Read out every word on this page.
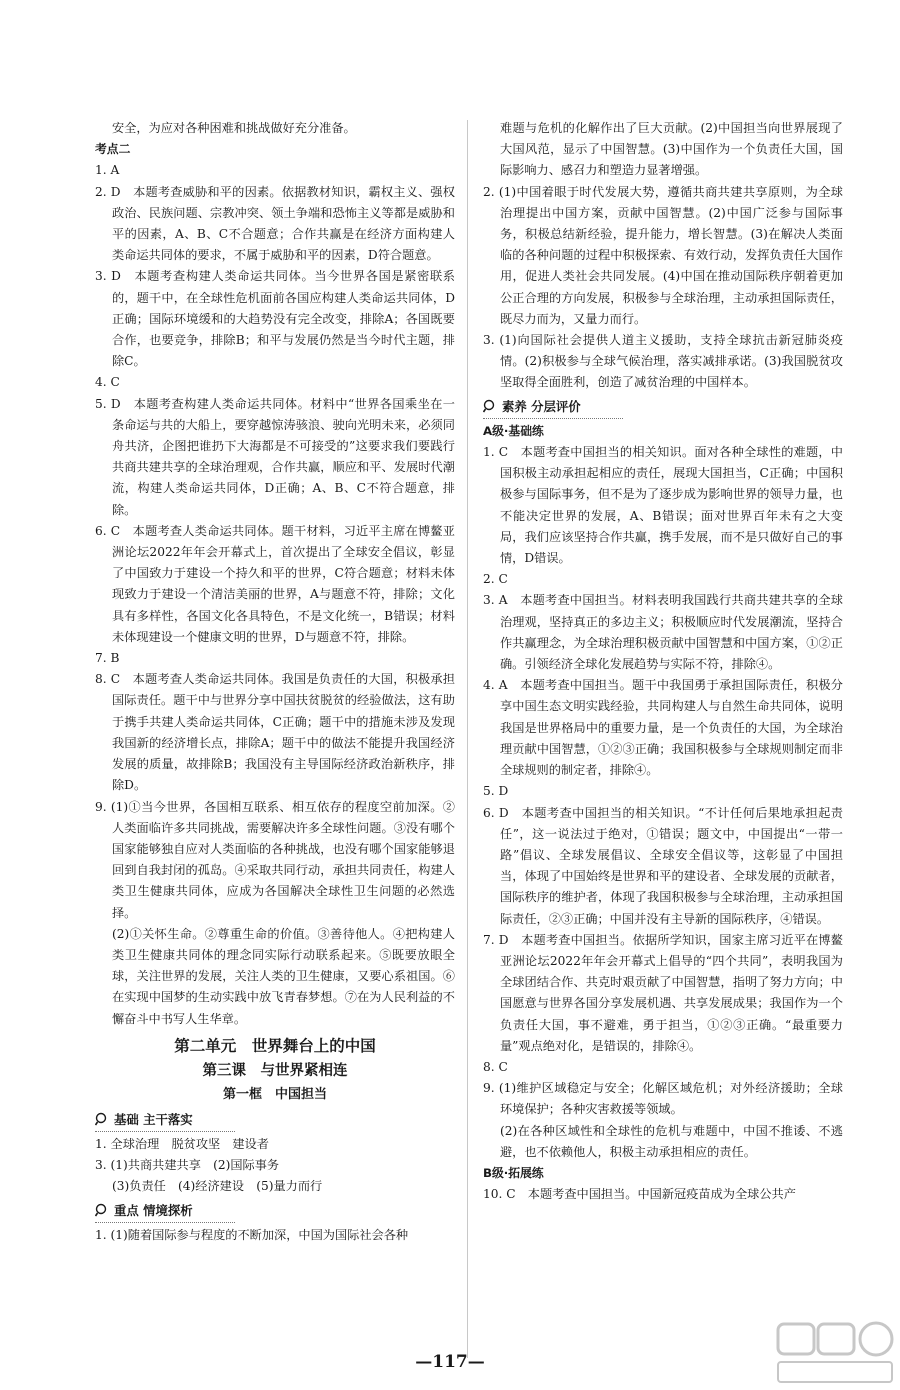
安全，为应对各种困难和挑战做好充分准备。

考点二

1. A

2. D　本题考查威胁和平的因素。依据教材知识，霸权主义、强权政治、民族问题、宗教冲突、领土争端和恐怖主义等都是威胁和平的因素，A、B、C不合题意；合作共赢是在经济方面构建人类命运共同体的要求，不属于威胁和平的因素，D符合题意。

3. D　本题考查构建人类命运共同体。当今世界各国是紧密联系的，题干中，在全球性危机面前各国应构建人类命运共同体，D正确；国际环境缓和的大趋势没有完全改变，排除A；各国既要合作，也要竞争，排除B；和平与发展仍然是当今时代主题，排除C。

4. C

5. D　本题考查构建人类命运共同体。材料中“世界各国乘坐在一条命运与共的大船上，要穿越惊涛骇浪、驶向光明未来，必须同舟共济，企图把谁扔下大海都是不可接受的”这要求我们要践行共商共建共享的全球治理观，合作共赢，顺应和平、发展时代潮流，构建人类命运共同体，D正确；A、B、C不符合题意，排除。

6. C　本题考查人类命运共同体。题干材料，习近平主席在博鳌亚洲论坛2022年年会开幕式上，首次提出了全球安全倡议，彰显了中国致力于建设一个持久和平的世界，C符合题意；材料未体现致力于建设一个清洁美丽的世界，A与题意不符，排除；文化具有多样性，各国文化各具特色，不是文化统一，B错误；材料未体现建设一个健康文明的世界，D与题意不符，排除。

7. B

8. C　本题考查人类命运共同体。我国是负责任的大国，积极承担国际责任。题干中与世界分享中国扶贫脱贫的经验做法，这有助于携手共建人类命运共同体，C正确；题干中的措施未涉及发现我国新的经济增长点，排除A；题干中的做法不能提升我国经济发展的质量，故排除B；我国没有主导国际经济政治新秩序，排除D。

9. (1)①当今世界，各国相互联系、相互依存的程度空前加深。②人类面临许多共同挑战，需要解决许多全球性问题。③没有哪个国家能够独自应对人类面临的各种挑战，也没有哪个国家能够退回到自我封闭的孤岛。④采取共同行动，承担共同责任，构建人类卫生健康共同体，应成为各国解决全球性卫生问题的必然选择。

(2)①关怀生命。②尊重生命的价值。③善待他人。④把构建人类卫生健康共同体的理念同实际行动联系起来。⑤既要放眼全球，关注世界的发展，关注人类的卫生健康，又要心系祖国。⑥在实现中国梦的生动实践中放飞青春梦想。⑦在为人民利益的不懈奋斗中书写人生华章。

第二单元　世界舞台上的中国
第三课　与世界紧相连
第一框　中国担当
基础 主干落实

1. 全球治理　脱贫攻坚　建设者

3. (1)共商共建共享　(2)国际事务

(3)负责任　(4)经济建设　(5)量力而行

重点 情境探析

1. (1)随着国际参与程度的不断加深，中国为国际社会各种

难题与危机的化解作出了巨大贡献。(2)中国担当向世界展现了大国风范，显示了中国智慧。(3)中国作为一个负责任大国，国际影响力、感召力和塑造力显著增强。

2. (1)中国着眼于时代发展大势，遵循共商共建共享原则，为全球治理提出中国方案，贡献中国智慧。(2)中国广泛参与国际事务，积极总结新经验，提升能力，增长智慧。(3)在解决人类面临的各种问题的过程中积极探索、有效行动，发挥负责任大国作用，促进人类社会共同发展。(4)中国在推动国际秩序朝着更加公正合理的方向发展，积极参与全球治理，主动承担国际责任，既尽力而为，又量力而行。

3. (1)向国际社会提供人道主义援助，支持全球抗击新冠肺炎疫情。(2)积极参与全球气候治理，落实减排承诺。(3)我国脱贫攻坚取得全面胜利，创造了减贫治理的中国样本。

素养 分层评价

A级·基础练

1. C　本题考查中国担当的相关知识。面对各种全球性的难题，中国积极主动承担起相应的责任，展现大国担当，C正确；中国积极参与国际事务，但不是为了逐步成为影响世界的领导力量，也不能决定世界的发展，A、B错误；面对世界百年未有之大变局，我们应该坚持合作共赢，携手发展，而不是只做好自己的事情，D错误。

2. C

3. A　本题考查中国担当。材料表明我国践行共商共建共享的全球治理观，坚持真正的多边主义；积极顺应时代发展潮流，坚持合作共赢理念，为全球治理积极贡献中国智慧和中国方案，①②正确。引领经济全球化发展趋势与实际不符，排除④。

4. A　本题考查中国担当。题干中我国勇于承担国际责任，积极分享中国生态文明实践经验，共同构建人与自然生命共同体，说明我国是世界格局中的重要力量，是一个负责任的大国，为全球治理贡献中国智慧，①②③正确；我国积极参与全球规则制定而非全球规则的制定者，排除④。

5. D

6. D　本题考查中国担当的相关知识。“不计任何后果地承担起责任”，这一说法过于绝对，①错误；题文中，中国提出“一带一路”倡议、全球发展倡议、全球安全倡议等，这彰显了中国担当，体现了中国始终是世界和平的建设者、全球发展的贡献者，国际秩序的维护者，体现了我国积极参与全球治理，主动承担国际责任，②③正确；中国并没有主导新的国际秩序，④错误。

7. D　本题考查中国担当。依据所学知识，国家主席习近平在博鳌亚洲论坛2022年年会开幕式上倡导的“四个共同”，表明我国为全球团结合作、共克时艰贡献了中国智慧，指明了努力方向；中国愿意与世界各国分享发展机遇、共享发展成果；我国作为一个负责任大国，事不避难，勇于担当，①②③正确。“最重要力量”观点绝对化，是错误的，排除④。

8. C

9. (1)维护区域稳定与安全；化解区域危机；对外经济援助；全球环境保护；各种灾害救援等领域。

(2)在各种区域性和全球性的危机与难题中，中国不推诿、不逃避，也不依赖他人，积极主动承担相应的责任。

B级·拓展练

10. C　本题考查中国担当。中国新冠疫苗成为全球公共产

—117—
